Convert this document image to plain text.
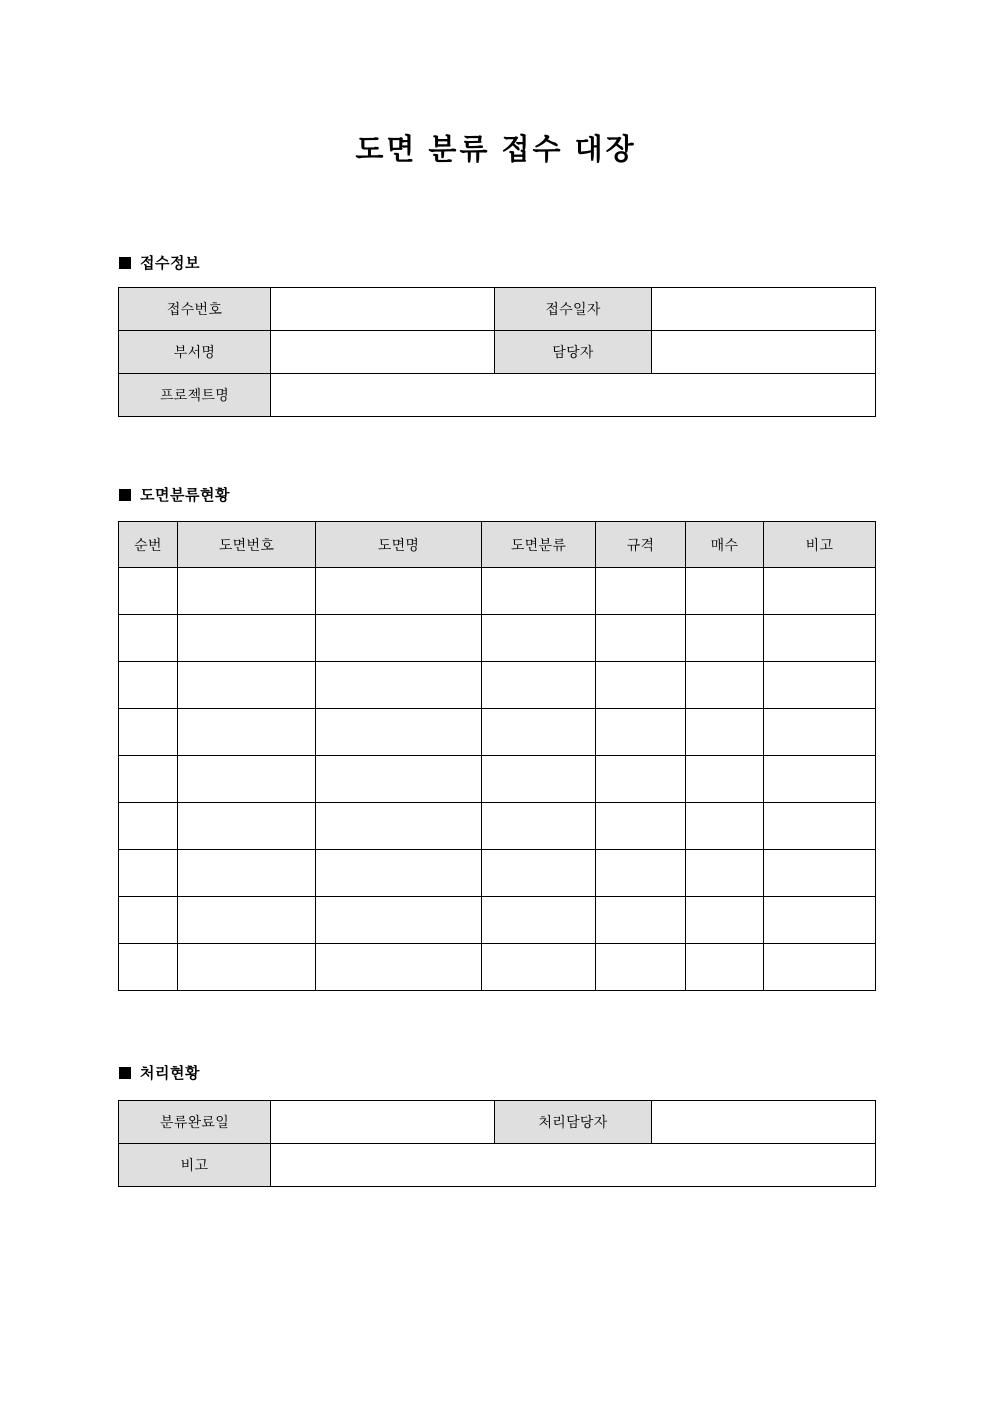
도면 분류 접수 대장
접수정보
접수번호		접수일자	
부서명		담당자	
프로젝트명			
도면분류현황
순번	도면번호	도면명	도면분류	규격	매수	비고

처리현황
분류완료일		처리담당자	
비고			
